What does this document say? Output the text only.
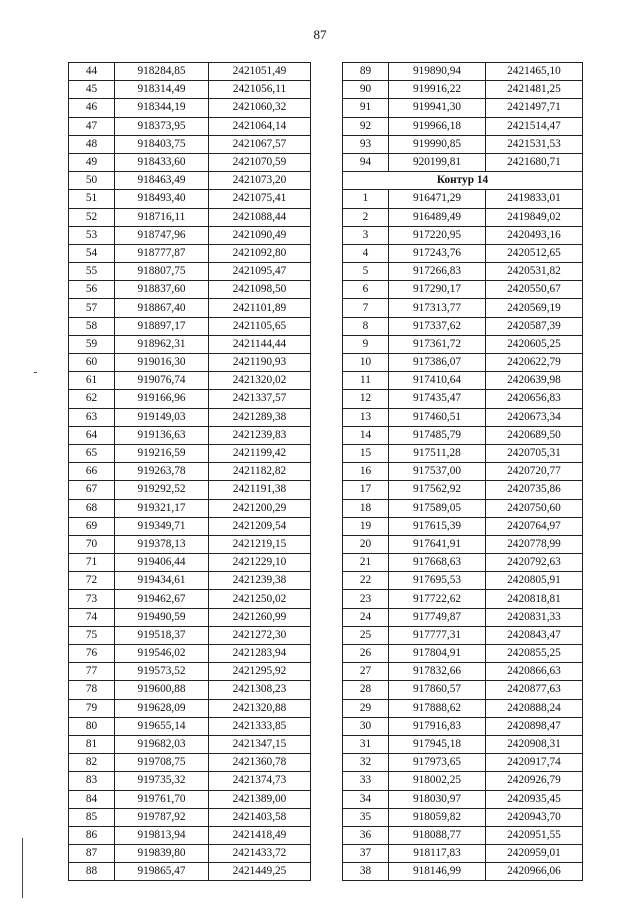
87
44	918284,85	2421051,49
45	918314,49	2421056,11
46	918344,19	2421060,32
47	918373,95	2421064,14
48	918403,75	2421067,57
49	918433,60	2421070,59
50	918463,49	2421073,20
51	918493,40	2421075,41
52	918716,11	2421088,44
53	918747,96	2421090,49
54	918777,87	2421092,80
55	918807,75	2421095,47
56	918837,60	2421098,50
57	918867,40	2421101,89
58	918897,17	2421105,65
59	918962,31	2421144,44
60	919016,30	2421190,93
61	919076,74	2421320,02
62	919166,96	2421337,57
63	919149,03	2421289,38
64	919136,63	2421239,83
65	919216,59	2421199,42
66	919263,78	2421182,82
67	919292,52	2421191,38
68	919321,17	2421200,29
69	919349,71	2421209,54
70	919378,13	2421219,15
71	919406,44	2421229,10
72	919434,61	2421239,38
73	919462,67	2421250,02
74	919490,59	2421260,99
75	919518,37	2421272,30
76	919546,02	2421283,94
77	919573,52	2421295,92
78	919600,88	2421308,23
79	919628,09	2421320,88
80	919655,14	2421333,85
81	919682,03	2421347,15
82	919708,75	2421360,78
83	919735,32	2421374,73
84	919761,70	2421389,00
85	919787,92	2421403,58
86	919813,94	2421418,49
87	919839,80	2421433,72
88	919865,47	2421449,25
89	919890,94	2421465,10
90	919916,22	2421481,25
91	919941,30	2421497,71
92	919966,18	2421514,47
93	919990,85	2421531,53
94	920199,81	2421680,71
Контур 14		
1	916471,29	2419833,01
2	916489,49	2419849,02
3	917220,95	2420493,16
4	917243,76	2420512,65
5	917266,83	2420531,82
6	917290,17	2420550,67
7	917313,77	2420569,19
8	917337,62	2420587,39
9	917361,72	2420605,25
10	917386,07	2420622,79
11	917410,64	2420639,98
12	917435,47	2420656,83
13	917460,51	2420673,34
14	917485,79	2420689,50
15	917511,28	2420705,31
16	917537,00	2420720,77
17	917562,92	2420735,86
18	917589,05	2420750,60
19	917615,39	2420764,97
20	917641,91	2420778,99
21	917668,63	2420792,63
22	917695,53	2420805,91
23	917722,62	2420818,81
24	917749,87	2420831,33
25	917777,31	2420843,47
26	917804,91	2420855,25
27	917832,66	2420866,63
28	917860,57	2420877,63
29	917888,62	2420888,24
30	917916,83	2420898,47
31	917945,18	2420908,31
32	917973,65	2420917,74
33	918002,25	2420926,79
34	918030,97	2420935,45
35	918059,82	2420943,70
36	918088,77	2420951,55
37	918117,83	2420959,01
38	918146,99	2420966,06
